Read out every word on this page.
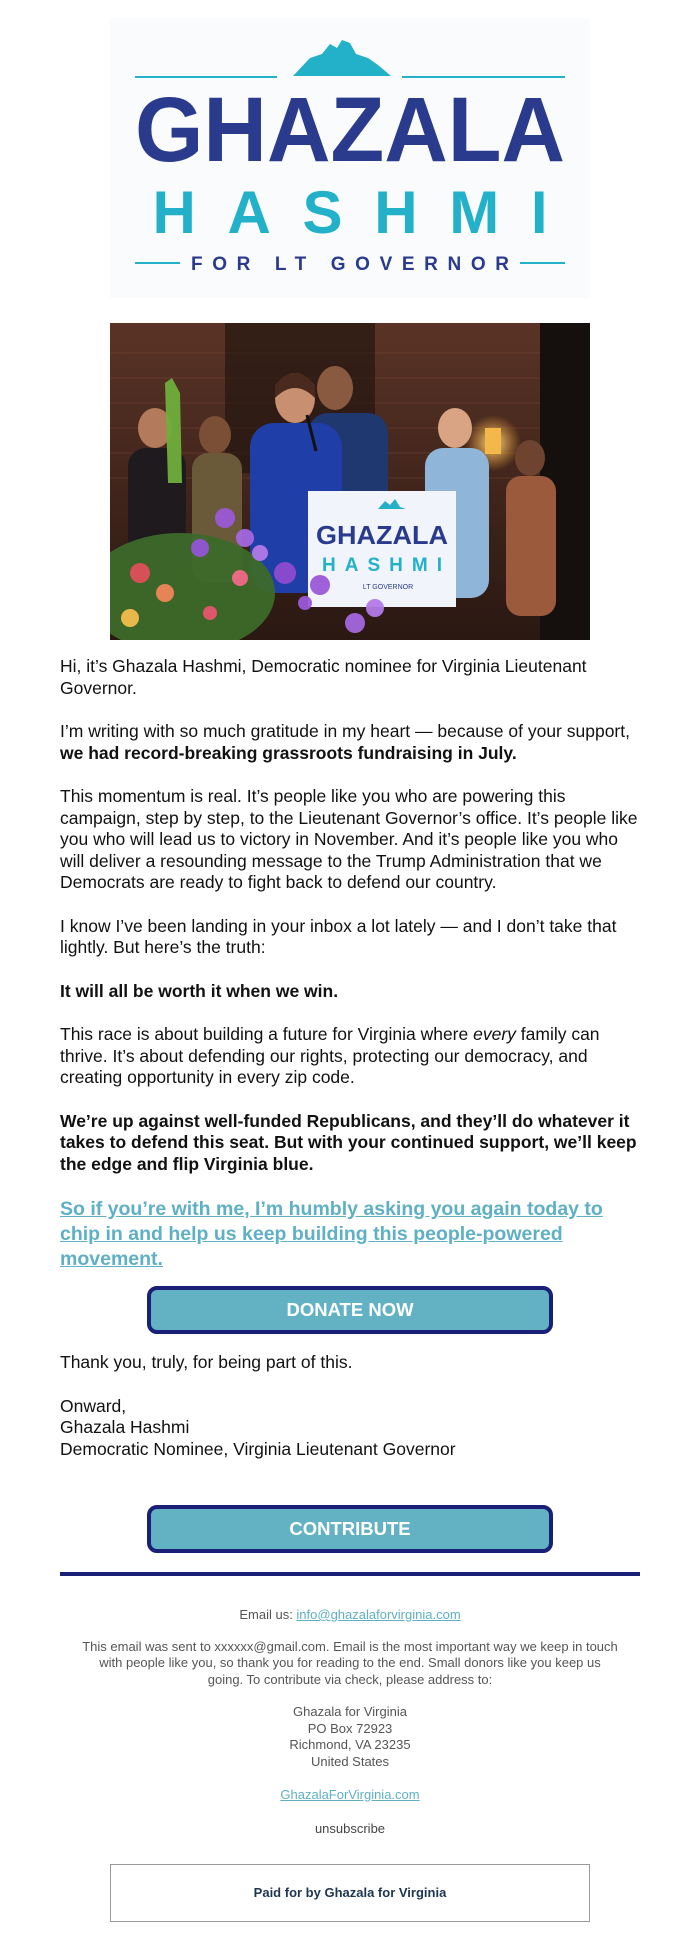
GHAZALA
HASHMI
FOR LT GOVERNOR
GHAZALA
HASHMI
LT GOVERNOR

Hi, it’s Ghazala Hashmi, Democratic nominee for Virginia Lieutenant Governor.

I’m writing with so much gratitude in my heart — because of your support, we had record-breaking grassroots fundraising in July.

This momentum is real. It’s people like you who are powering this campaign, step by step, to the Lieutenant Governor’s office. It’s people like you who will lead us to victory in November. And it’s people like you who will deliver a resounding message to the Trump Administration that we Democrats are ready to fight back to defend our country.

I know I’ve been landing in your inbox a lot lately — and I don’t take that lightly. But here’s the truth:

It will all be worth it when we win.

This race is about building a future for Virginia where every family can thrive. It’s about defending our rights, protecting our democracy, and creating opportunity in every zip code.

We’re up against well-funded Republicans, and they’ll do whatever it takes to defend this seat. But with your continued support, we’ll keep the edge and flip Virginia blue.

So if you’re with me, I’m humbly asking you again today to chip in and help us keep building this people-powered movement.
DONATE NOW

Thank you, truly, for being part of this.

Onward,

Ghazala Hashmi

Democratic Nominee, Virginia Lieutenant Governor

CONTRIBUTE

Email us: info@ghazalaforvirginia.com

This email was sent to xxxxxx@gmail.com. Email is the most important way we keep in touch with people like you, so thank you for reading to the end. Small donors like you keep us going. To contribute via check, please address to:

Ghazala for Virginia

PO Box 72923

Richmond, VA 23235

United States

GhazalaForVirginia.com

unsubscribe

Paid for by Ghazala for Virginia
